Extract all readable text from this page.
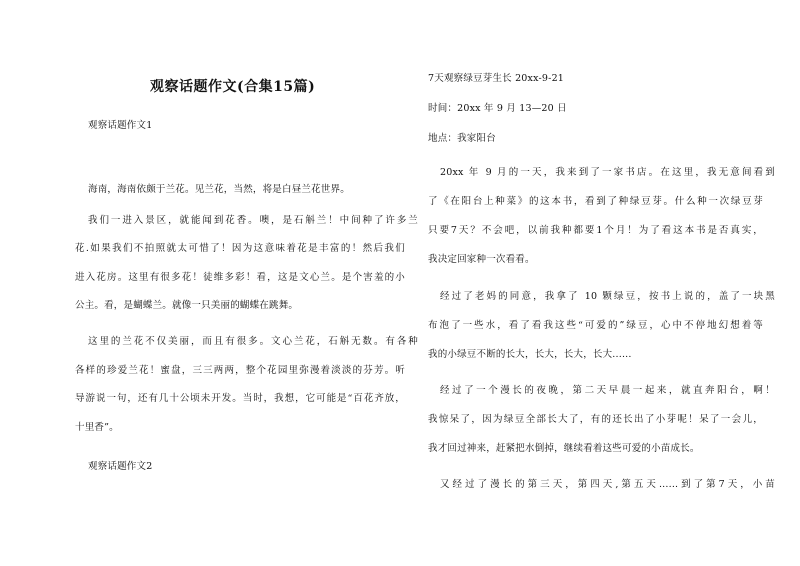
观察话题作文(合集15篇)
观察话题作文1
海南，海南依颇于兰花。见兰花，当然，将是白昼兰花世界。
我们一进入景区，就能闻到花香。噢，是石斛兰！中间种了许多兰
花.如果我们不拍照就太可惜了！因为这意味着花是丰富的！然后我们
进入花房。这里有很多花！徒维多彩！看，这是文心兰。是个害羞的小
公主。看，是蝴蝶兰。就像一只美丽的蝴蝶在跳舞。
这里的兰花不仅美丽，而且有很多。文心兰花，石斛无数。有各种
各样的珍爱兰花！蜜盘，三三两两，整个花园里弥漫着淡淡的芬芳。听
导游说一句，还有几十公顷未开发。当时，我想，它可能是“百花齐放，
十里香”。
观察话题作文2
7天观察绿豆芽生长 20xx-9-21
时间：20xx 年 9 月 13—20 日
地点：我家阳台
20xx 年 9 月的一天，我来到了一家书店。在这里，我无意间看到
了《在阳台上种菜》的这本书，看到了种绿豆芽。什么种一次绿豆芽
只要7天？不会吧，以前我种都要1个月！为了看这本书是否真实，
我决定回家种一次看看。
经过了老妈的同意，我拿了 10 颗绿豆，按书上说的，盖了一块黑
布泡了一些水，看了看我这些“可爱的”绿豆，心中不停地幻想着等
我的小绿豆不断的长大，长大，长大，长大......
经过了一个漫长的夜晚，第二天早晨一起来，就直奔阳台，啊！
我惊呆了，因为绿豆全部长大了，有的还长出了小芽呢！呆了一会儿，
我才回过神来，赶紧把水倒掉，继续看着这些可爱的小苗成长。
又经过了漫长的第三天，第四天,第五天......到了第7天，小苗
